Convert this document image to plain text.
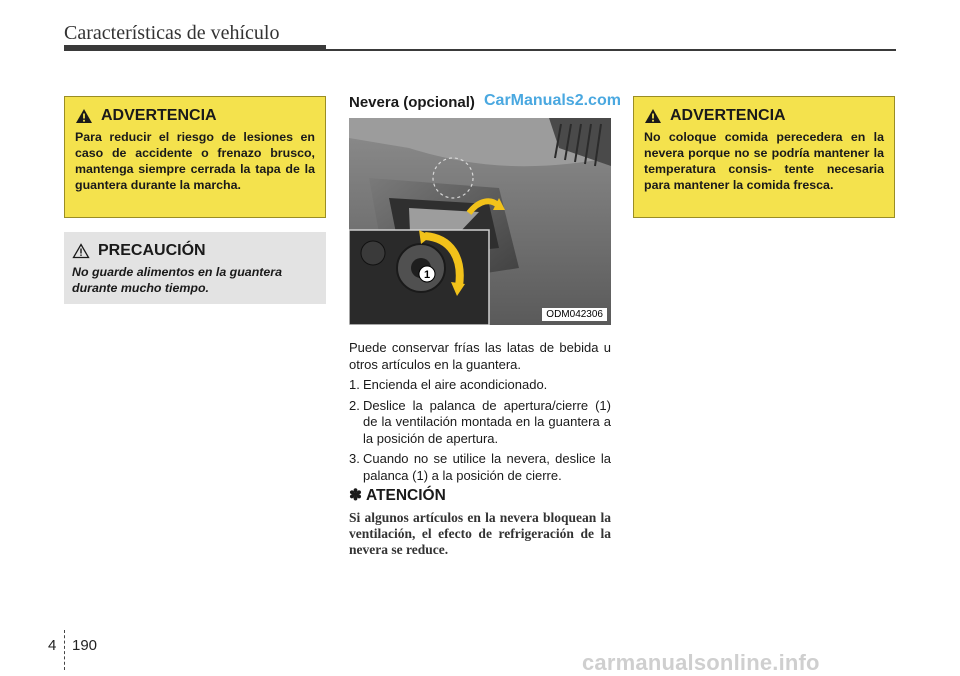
Características de vehículo
ADVERTENCIA

Para reducir el riesgo de lesiones en caso de accidente o frenazo brusco, mantenga siempre cerrada la tapa de la guantera durante la marcha.

PRECAUCIÓN

No guarde alimentos en la guantera durante mucho tiempo.

Nevera (opcional) CarManuals2.com
1
ODM042306

Puede conservar frías las latas de bebida u otros artículos en la guantera.

1. Encienda el aire acondicionado.
2. Deslice la palanca de apertura/cierre (1) de la ventilación montada en la guantera a la posición de apertura.
3. Cuando no se utilice la nevera, deslice la palanca (1) a la posición de cierre.
✽ ATENCIÓN
Si algunos artículos en la nevera bloquean la ventilación, el efecto de refrigeración de la nevera se reduce.
ADVERTENCIA

No coloque comida perecedera en la nevera porque no se podría mantener la temperatura consis- tente necesaria para mantener la comida fresca.

4 190
carmanualsonline.info
